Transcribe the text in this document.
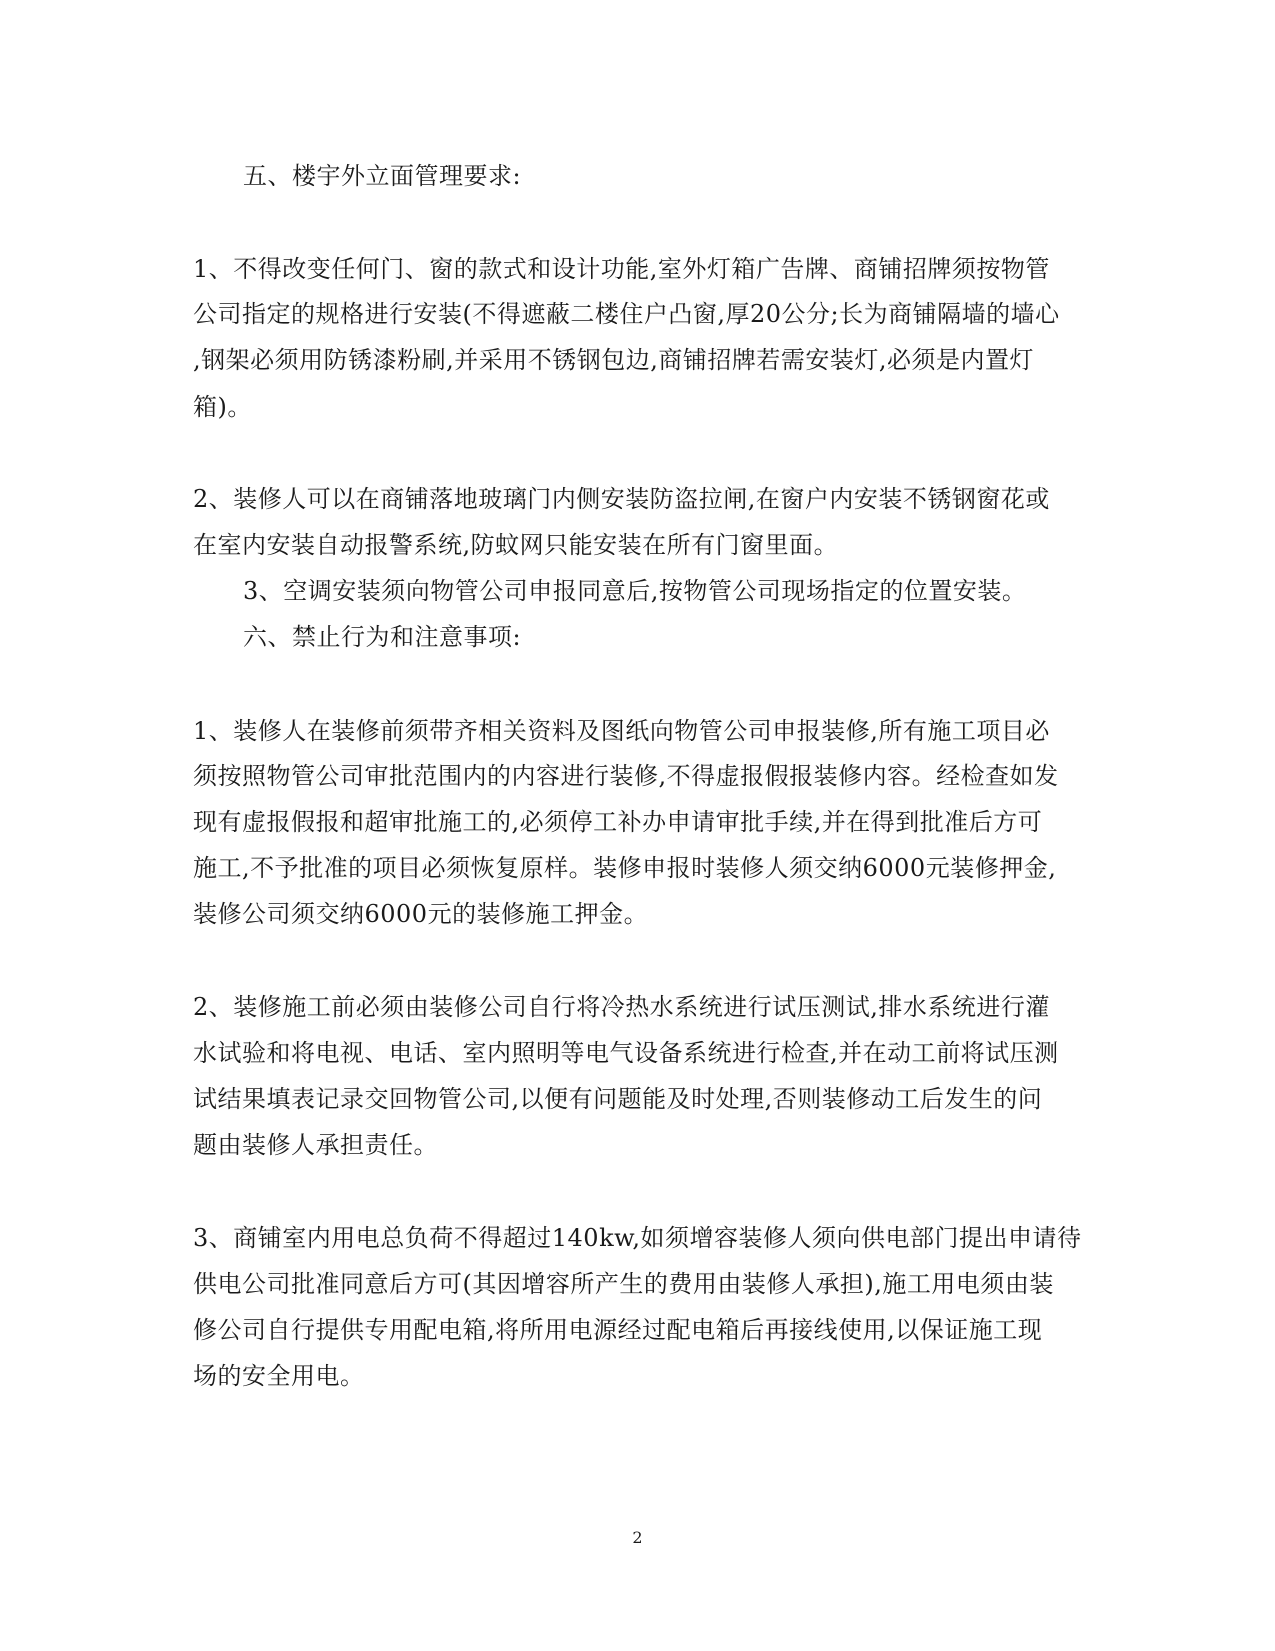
五、楼宇外立面管理要求:

1、不得改变任何门、窗的款式和设计功能,室外灯箱广告牌、商铺招牌须按物管

公司指定的规格进行安装(不得遮蔽二楼住户凸窗,厚20公分;长为商铺隔墙的墙心

,钢架必须用防锈漆粉刷,并采用不锈钢包边,商铺招牌若需安装灯,必须是内置灯

箱)。

2、装修人可以在商铺落地玻璃门内侧安装防盗拉闸,在窗户内安装不锈钢窗花或

在室内安装自动报警系统,防蚊网只能安装在所有门窗里面。

3、空调安装须向物管公司申报同意后,按物管公司现场指定的位置安装。

六、禁止行为和注意事项:

1、装修人在装修前须带齐相关资料及图纸向物管公司申报装修,所有施工项目必

须按照物管公司审批范围内的内容进行装修,不得虚报假报装修内容。经检查如发

现有虚报假报和超审批施工的,必须停工补办申请审批手续,并在得到批准后方可

施工,不予批准的项目必须恢复原样。装修申报时装修人须交纳6000元装修押金,

装修公司须交纳6000元的装修施工押金。

2、装修施工前必须由装修公司自行将冷热水系统进行试压测试,排水系统进行灌

水试验和将电视、电话、室内照明等电气设备系统进行检查,并在动工前将试压测

试结果填表记录交回物管公司,以便有问题能及时处理,否则装修动工后发生的问

题由装修人承担责任。

3、商铺室内用电总负荷不得超过140kw,如须增容装修人须向供电部门提出申请待

供电公司批准同意后方可(其因增容所产生的费用由装修人承担),施工用电须由装

修公司自行提供专用配电箱,将所用电源经过配电箱后再接线使用,以保证施工现

场的安全用电。

2
